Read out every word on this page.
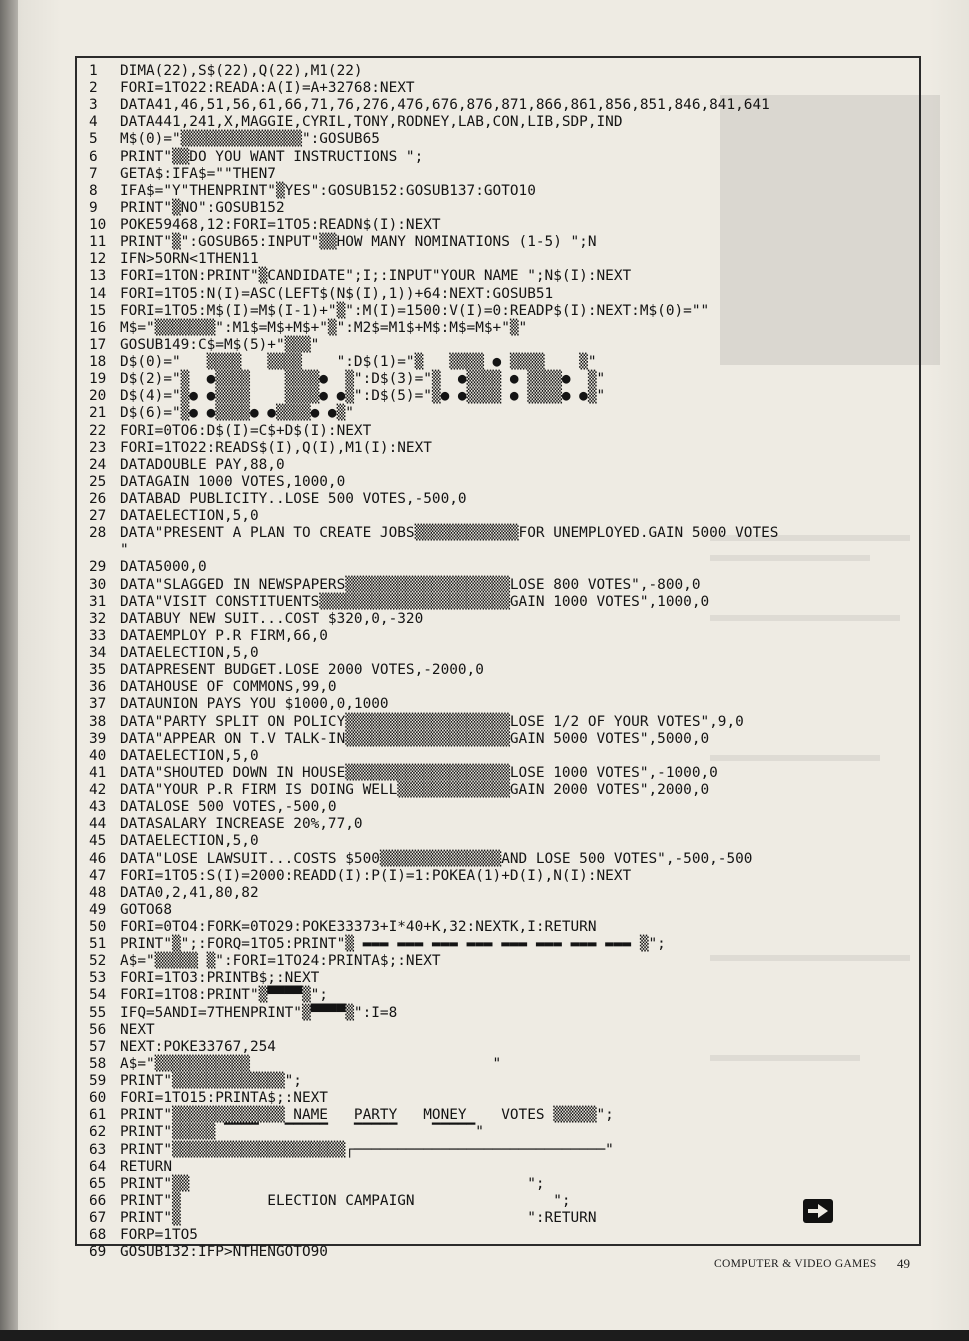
1 DIMA(22),S$(22),Q(22),M1(22)
2 FORI=1TO22:READA:A(I)=A+32768:NEXT
3 DATA41,46,51,56,61,66,71,76,276,476,676,876,871,866,861,856,851,846,841,641
4 DATA441,241,X,MAGGIE,CYRIL,TONY,RODNEY,LAB,CON,LIB,SDP,IND
5 M$(0)="▒▒▒▒▒▒▒▒▒▒▒▒▒▒":GOSUB65
6 PRINT"▒▒DO YOU WANT INSTRUCTIONS ";
7 GETA$:IFA$=""THEN7
8 IFA$="Y"THENPRINT"▒YES":GOSUB152:GOSUB137:GOTO10
9 PRINT"▒NO":GOSUB152
10 POKE59468,12:FORI=1TO5:READN$(I):NEXT
11 PRINT"▒":GOSUB65:INPUT"▒▒HOW MANY NOMINATIONS (1-5) ";N
12 IFN>5ORN<1THEN11
13 FORI=1TON:PRINT"▒CANDIDATE";I;:INPUT"YOUR NAME ";N$(I):NEXT
14 FORI=1TO5:N(I)=ASC(LEFT$(N$(I),1))+64:NEXT:GOSUB51
15 FORI=1TO5:M$(I)=M$(I-1)+"▒":M(I)=1500:V(I)=0:READP$(I):NEXT:M$(0)=""
16 M$="▒▒▒▒▒▒▒":M1$=M$+M$+"▒":M2$=M1$+M$:M$=M$+"▒"
17 GOSUB149:C$=M$(5)+"▒▒▒"
18 D$(0)="   ▒▒▒▒   ▒▒▒▒    ":D$(1)="▒   ▒▒▒▒ ● ▒▒▒▒    ▒"
19 D$(2)="▒  ●▒▒▒▒    ▒▒▒▒●  ▒":D$(3)="▒  ●▒▒▒▒ ● ▒▒▒▒●  ▒"
20 D$(4)="▒● ●▒▒▒▒    ▒▒▒▒● ●▒":D$(5)="▒● ●▒▒▒▒ ● ▒▒▒▒● ●▒"
21 D$(6)="▒● ●▒▒▒▒● ●▒▒▒▒● ●▒"
22 FORI=0TO6:D$(I)=C$+D$(I):NEXT
23 FORI=1TO22:READS$(I),Q(I),M1(I):NEXT
24 DATADOUBLE PAY,88,0
25 DATAGAIN 1000 VOTES,1000,0
26 DATABAD PUBLICITY..LOSE 500 VOTES,-500,0
27 DATAELECTION,5,0
28 DATA"PRESENT A PLAN TO CREATE JOBS▒▒▒▒▒▒▒▒▒▒▒▒FOR UNEMPLOYED.GAIN 5000 VOTES
"
29 DATA5000,0
30 DATA"SLAGGED IN NEWSPAPERS▒▒▒▒▒▒▒▒▒▒▒▒▒▒▒▒▒▒▒LOSE 800 VOTES",-800,0
31 DATA"VISIT CONSTITUENTS▒▒▒▒▒▒▒▒▒▒▒▒▒▒▒▒▒▒▒▒▒▒GAIN 1000 VOTES",1000,0
32 DATABUY NEW SUIT...COST $320,0,-320
33 DATAEMPLOY P.R FIRM,66,0
34 DATAELECTION,5,0
35 DATAPRESENT BUDGET.LOSE 2000 VOTES,-2000,0
36 DATAHOUSE OF COMMONS,99,0
37 DATAUNION PAYS YOU $1000,0,1000
38 DATA"PARTY SPLIT ON POLICY▒▒▒▒▒▒▒▒▒▒▒▒▒▒▒▒▒▒▒LOSE 1/2 OF YOUR VOTES",9,0
39 DATA"APPEAR ON T.V TALK-IN▒▒▒▒▒▒▒▒▒▒▒▒▒▒▒▒▒▒▒GAIN 5000 VOTES",5000,0
40 DATAELECTION,5,0
41 DATA"SHOUTED DOWN IN HOUSE▒▒▒▒▒▒▒▒▒▒▒▒▒▒▒▒▒▒▒LOSE 1000 VOTES",-1000,0
42 DATA"YOUR P.R FIRM IS DOING WELL▒▒▒▒▒▒▒▒▒▒▒▒▒GAIN 2000 VOTES",2000,0
43 DATALOSE 500 VOTES,-500,0
44 DATASALARY INCREASE 20%,77,0
45 DATAELECTION,5,0
46 DATA"LOSE LAWSUIT...COSTS $500▒▒▒▒▒▒▒▒▒▒▒▒▒▒AND LOSE 500 VOTES",-500,-500
47 FORI=1TO5:S(I)=2000:READD(I):P(I)=1:POKEA(1)+D(I),N(I):NEXT
48 DATA0,2,41,80,82
49 GOTO68
50 FORI=0TO4:FORK=0TO29:POKE33373+I*40+K,32:NEXTK,I:RETURN
51 PRINT"▒";:FORQ=1TO5:PRINT"▒ ▬▬▬ ▬▬▬ ▬▬▬ ▬▬▬ ▬▬▬ ▬▬▬ ▬▬▬ ▬▬▬ ▒";
52 A$="▒▒▒▒▒ ▒":FORI=1TO24:PRINTA$;:NEXT
53 FORI=1TO3:PRINTB$;:NEXT
54 FORI=1TO8:PRINT"▒▀▀▀▀▒";
55 IFQ=5ANDI=7THENPRINT"▒▀▀▀▀▒":I=8
56 NEXT
57 NEXT:POKE33767,254
58 A$="▒▒▒▒▒▒▒▒▒▒▒                            "
59 PRINT"▒▒▒▒▒▒▒▒▒▒▒▒▒";
60 FORI=1TO15:PRINTA$;:NEXT
61 PRINT"▒▒▒▒▒▒▒▒▒▒▒▒▒ NAME   PARTY   MONEY    VOTES ▒▒▒▒▒";
62 PRINT"▒▒▒▒▒ ▔▔▔▔   ▔▔▔▔▔   ▔▔▔▔▔    ▔▔▔▔▔"
63 PRINT"▒▒▒▒▒▒▒▒▒▒▒▒▒▒▒▒▒▒▒▒┌─────────────────────────────"
64 RETURN
65 PRINT"▒▒                                       ";
66 PRINT"▒          ELECTION CAMPAIGN                ";
67 PRINT"▒                                        ":RETURN
68 FORP=1TO5
69 GOSUB132:IFP>NTHENGOTO90
COMPUTER & VIDEO GAMES 49
